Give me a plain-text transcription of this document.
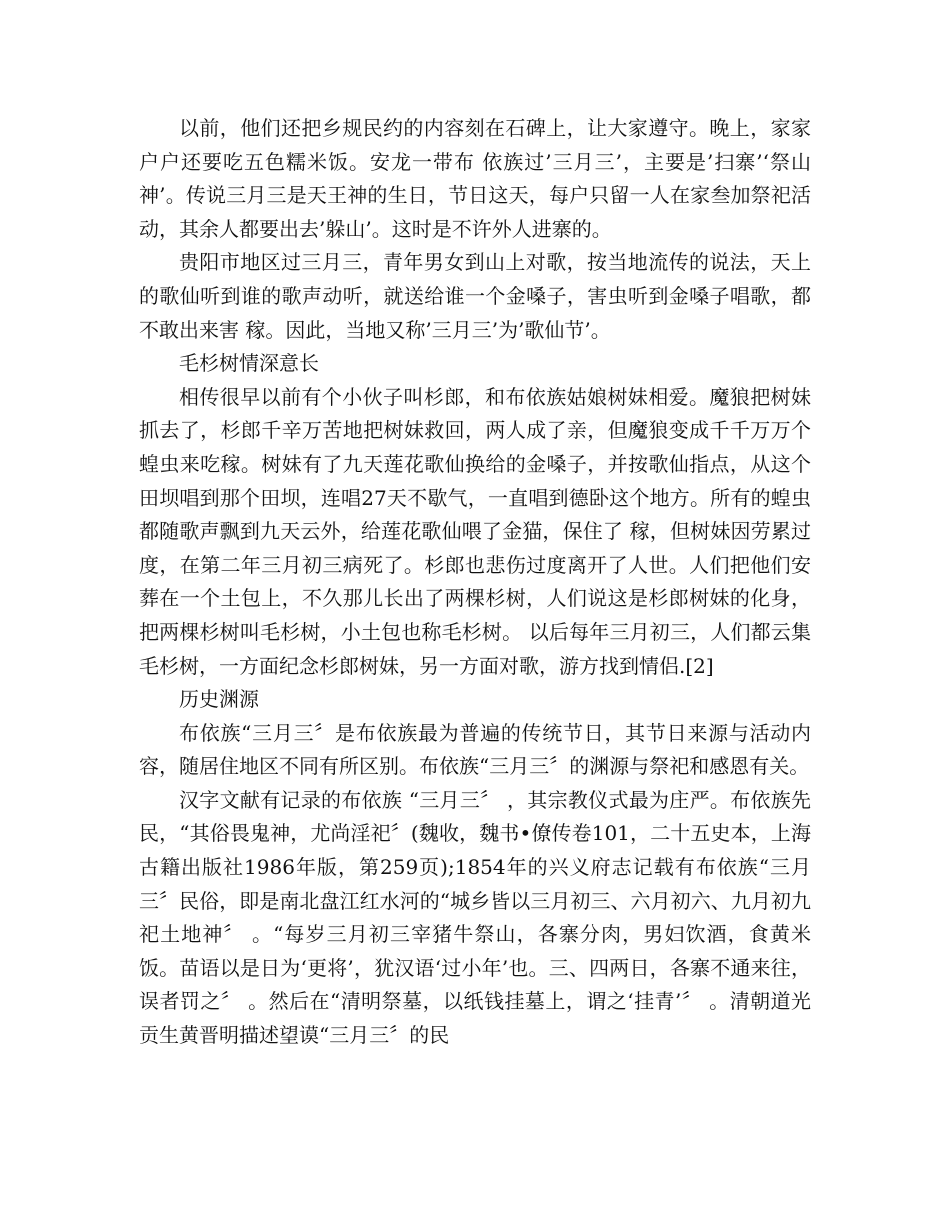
以前，他们还把乡规民约的内容刻在石碑上，让大家遵守。晚上，家家户户还要吃五色糯米饭。安龙一带布 依族过’三月三’，主要是’扫寨’‘祭山神’。传说三月三是天王神的生日，节日这天，每户只留一人在家叁加祭祀活动，其余人都要出去’躲山’。这时是不许外人进寨的。

贵阳市地区过三月三，青年男女到山上对歌，按当地流传的说法，天上的歌仙听到谁的歌声动听，就送给谁一个金嗓子，害虫听到金嗓子唱歌，都不敢出来害 稼。因此，当地又称’三月三’为’歌仙节’。

毛杉树情深意长

相传很早以前有个小伙子叫杉郎，和布依族姑娘树妹相爱。魔狼把树妹抓去了，杉郎千辛万苦地把树妹救回，两人成了亲，但魔狼变成千千万万个蝗虫来吃稼。树妹有了九天莲花歌仙换给的金嗓子，并按歌仙指点，从这个田坝唱到那个田坝，连唱27天不歇气，一直唱到德卧这个地方。所有的蝗虫都随歌声飘到九天云外，给莲花歌仙喂了金猫，保住了 稼，但树妹因劳累过度，在第二年三月初三病死了。杉郎也悲伤过度离开了人世。人们把他们安葬在一个土包上，不久那儿长出了两棵杉树，人们说这是杉郎树妹的化身，把两棵杉树叫毛杉树，小土包也称毛杉树。 以后每年三月初三，人们都云集毛杉树，一方面纪念杉郎树妹，另一方面对歌，游方找到情侣.[2]

历史渊源

布依族“三月三〞是布依族最为普遍的传统节日，其节日来源与活动内容，随居住地区不同有所区别。布依族“三月三〞的渊源与祭祀和感恩有关。

汉字文献有记录的布依族 “三月三〞 ，其宗教仪式最为庄严。布依族先民，“其俗畏鬼神，尤尚淫祀〞(魏收，魏书•僚传卷101，二十五史本，上海古籍出版社1986年版，第259页);1854年的兴义府志记载有布依族“三月三〞民俗，即是南北盘江红水河的“城乡皆以三月初三、六月初六、九月初九祀土地神〞 。“每岁三月初三宰猪牛祭山，各寨分肉，男妇饮酒，食黄米饭。苗语以是日为‘更将’，犹汉语‘过小年’也。三、四两日，各寨不通来往，误者罚之〞 。然后在“清明祭墓，以纸钱挂墓上，谓之‘挂青’〞 。清朝道光贡生黄晋明描述望谟“三月三〞的民
